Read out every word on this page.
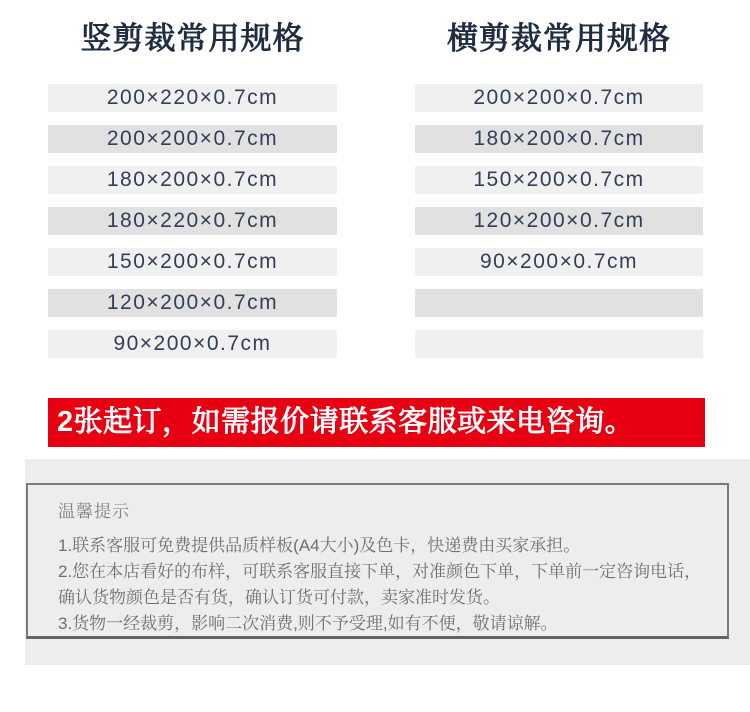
竖剪裁常用规格
200×220×0.7cm
200×200×0.7cm
180×200×0.7cm
180×220×0.7cm
150×200×0.7cm
120×200×0.7cm
90×200×0.7cm
横剪裁常用规格
200×200×0.7cm
180×200×0.7cm
150×200×0.7cm
120×200×0.7cm
90×200×0.7cm
2张起订，如需报价请联系客服或来电咨询。
温馨提示

1.联系客服可免费提供品质样板(A4大小)及色卡，快递费由买家承担。

2.您在本店看好的布样，可联系客服直接下单，对准颜色下单，下单前一定咨询电话，确认货物颜色是否有货，确认订货可付款，卖家准时发货。

3.货物一经裁剪，影响二次消费,则不予受理,如有不便，敬请谅解。
